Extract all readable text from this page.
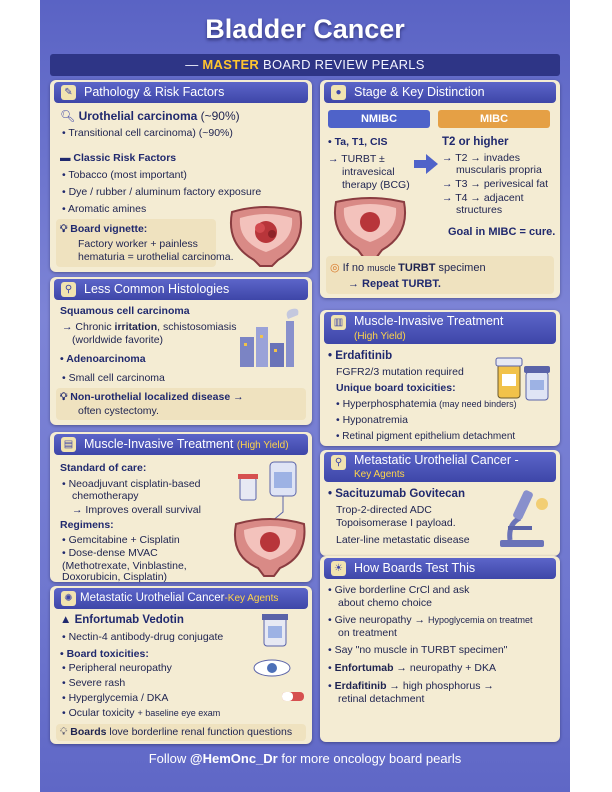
Bladder Cancer
— MASTER BOARD REVIEW PEARLS
✎ Pathology & Risk Factors
🔍︎ Urothelial carcinoma (~90%)
• Transitional cell carcinoma) (~90%)
▬ Classic Risk Factors
• Tobacco (most important)
• Dye / rubber / aluminum factory exposure
• Aromatic amines
💡︎ Board vignette:
Factory worker + painless
hematuria = urothelial carcinoma.
⚲ Less Common Histologies
Squamous cell carcinoma
→ Chronic irritation, schistosomiasis
(worldwide favorite)
• Adenoarcinoma
• Small cell carcinoma
💡︎ Non-urothelial localized disease →
often cystectomy.
▤ Muscle-Invasive Treatment (High Yield)
Standard of care:
• Neoadjuvant cisplatin-based
chemotherapy
→ Improves overall survival
Regimens:
• Gemcitabine + Cisplatin
• Dose-dense MVAC
(Methotrexate, Vinblastine,
Doxorubicin, Cisplatin)
✺ Metastatic Urothelial Cancer-Key Agents
▲ Enfortumab Vedotin
• Nectin-4 antibody-drug conjugate
• Board toxicities:
• Peripheral neuropathy
• Severe rash
• Hyperglycemia / DKA
• Ocular toxicity + baseline eye exam
💡︎ Boards love borderline renal function questions
● Stage & Key Distinction
NMIBC	MIBC
• Ta, T1, CIS
→ TURBT ±
intravesical
therapy (BCG)
T2 or higher
→ T2 → invades
muscularis propria
→ T3 → perivesical fat
→ T4 → adjacent
structures
Goal in MIBC = cure.
◎ If no muscle TURBT specimen
→ Repeat TURBT.
▥ Muscle-Invasive Treatment
(High Yield)
• Erdafitinib
FGFR2/3 mutation required
Unique board toxicities:
• Hyperphosphatemia (may need binders)
• Hyponatremia
• Retinal pigment epithelium detachment
⚲ Metastatic Urothelial Cancer -
Key Agents
• Sacituzumab Govitecan
Trop-2-directed ADC
Topoisomerase I payload.
Later-line metastatic disease
☀ How Boards Test This
• Give borderline CrCl and ask
about chemo choice
• Give neuropathy → Hypoglycemia on treatmet
on treatment
• Say "no muscle in TURBT specimen"
• Enfortumab → neuropathy + DKA
• Erdafitinib → high phosphorus →
retinal detachment
Follow @HemOnc_Dr for more oncology board pearls
